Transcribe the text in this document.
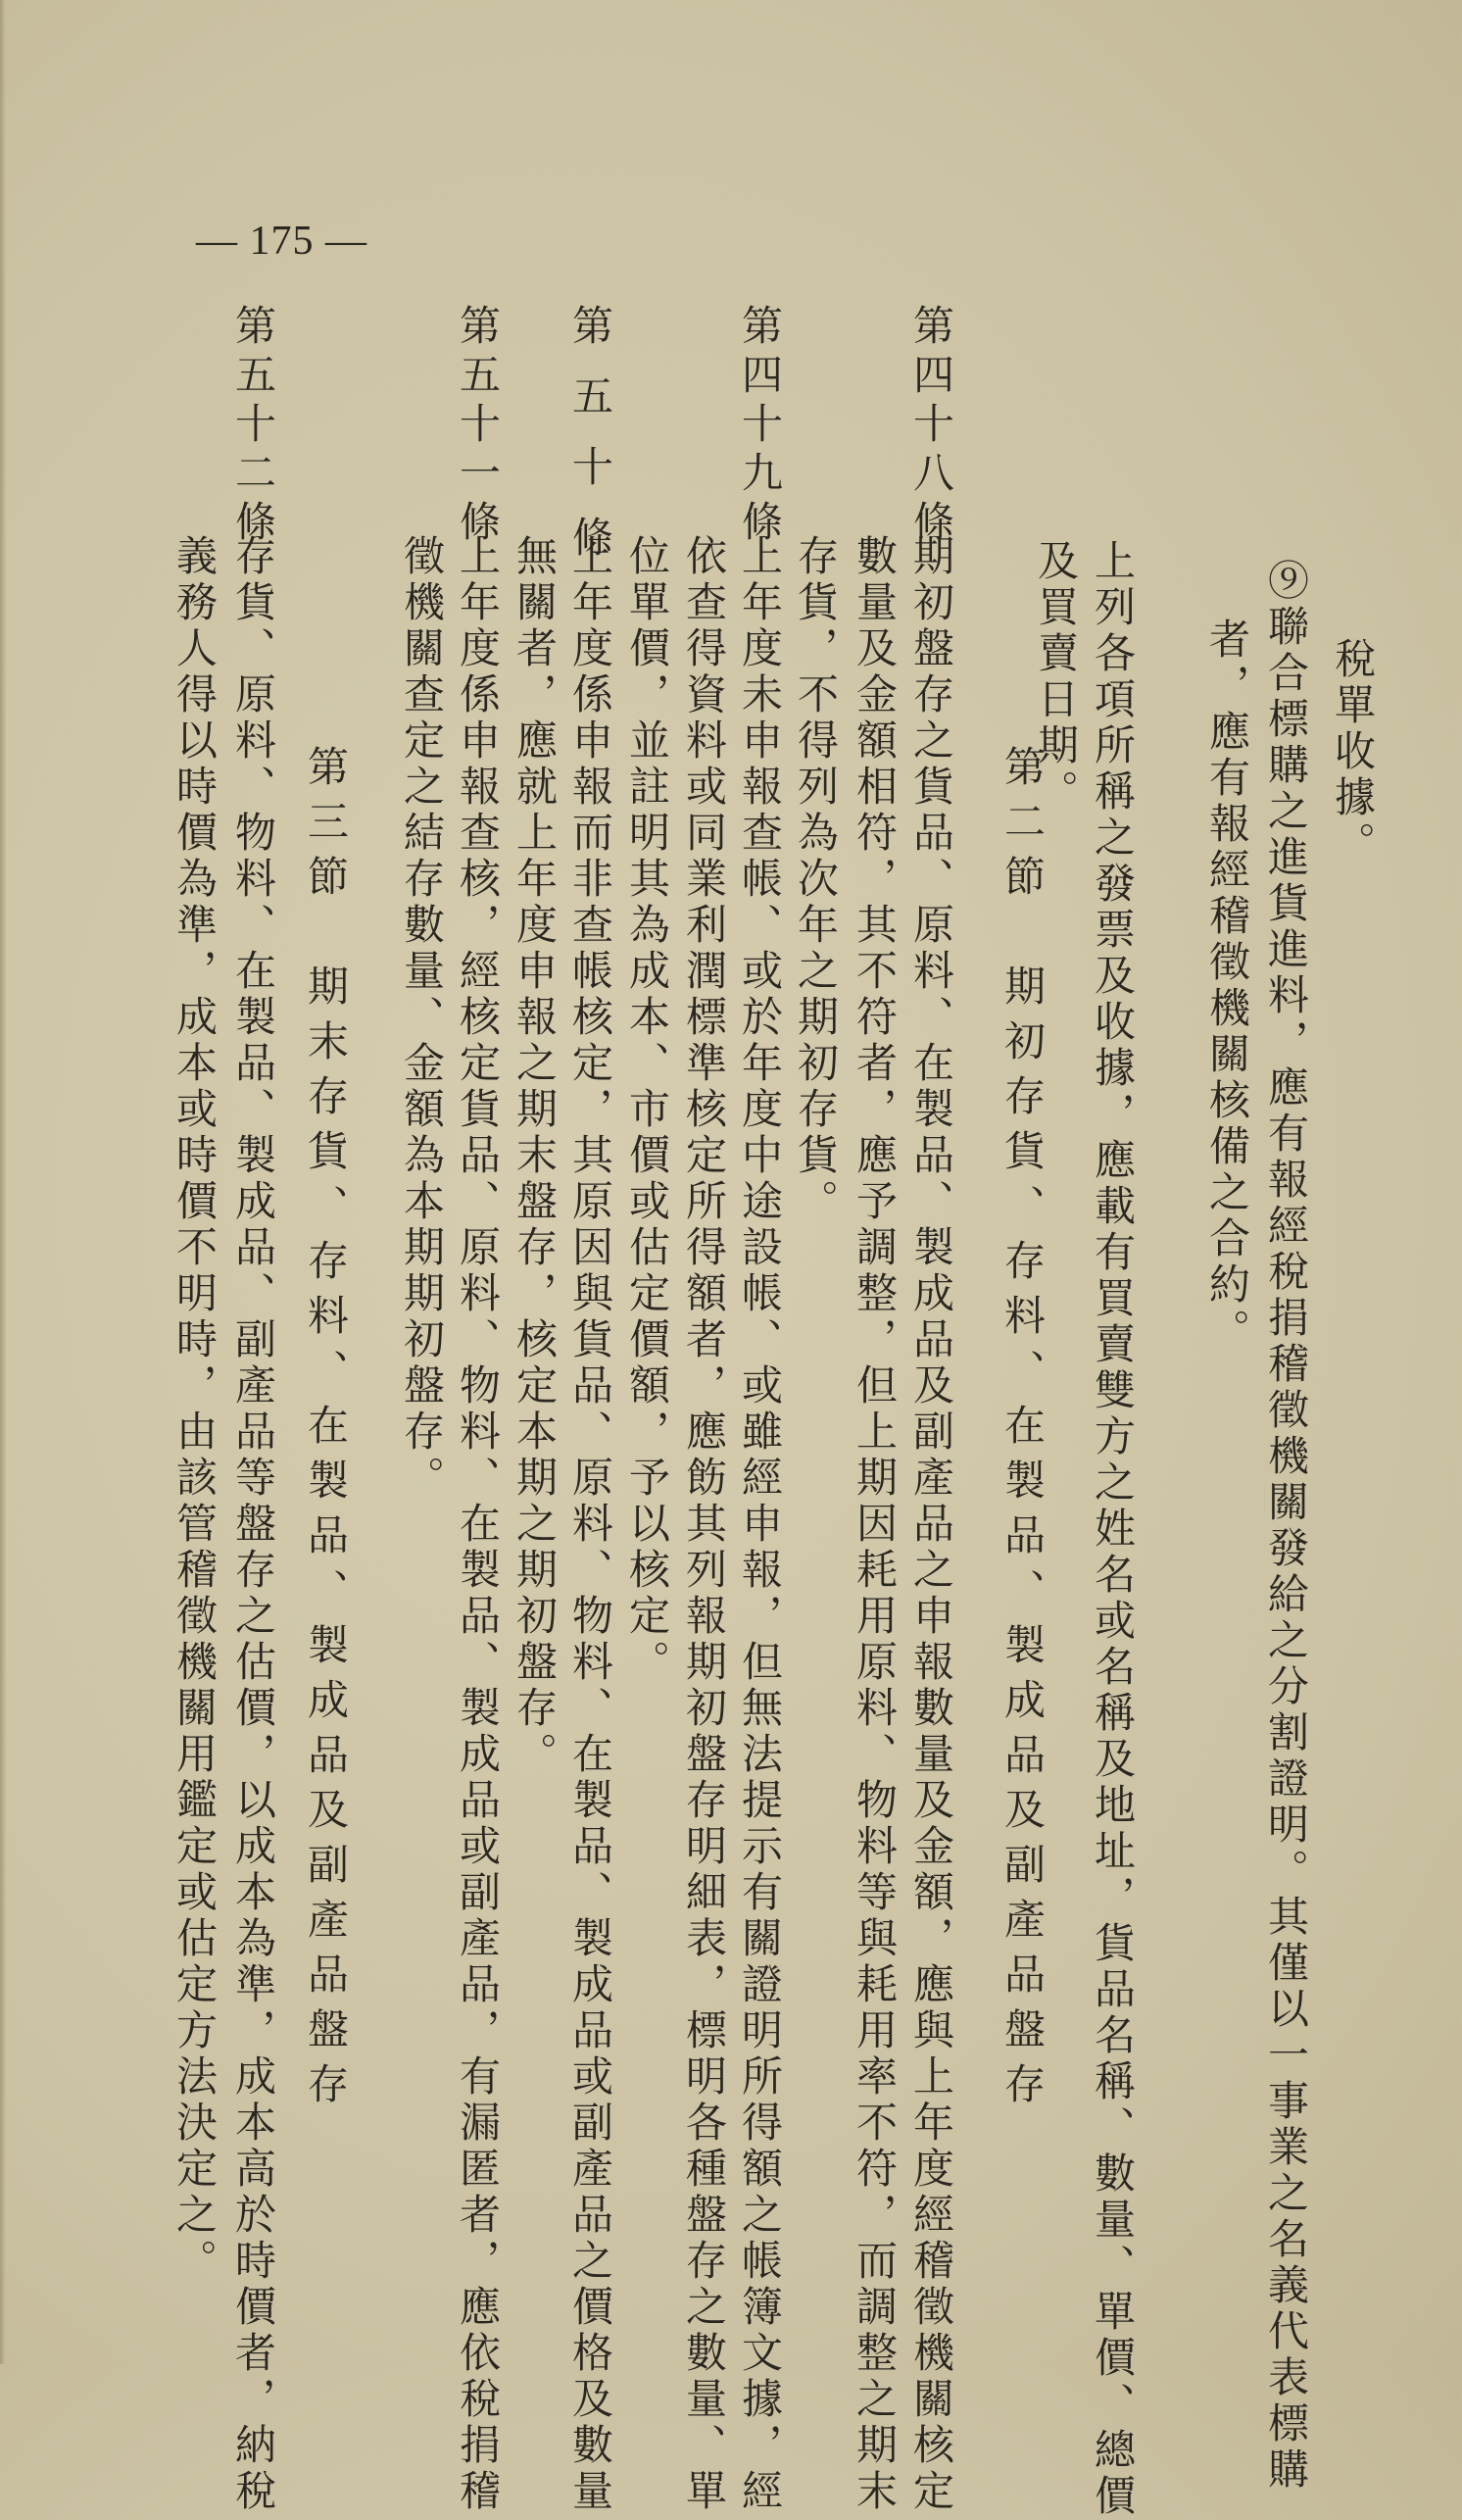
— 175 —
稅單收據。
⑨聯合標購之進貨進料，應有報經稅捐稽徵機關發給之分割證明。其僅以一事業之名義代表標購
者，應有報經稽徵機關核備之合約。
上列各項所稱之發票及收據，應載有買賣雙方之姓名或名稱及地址，貨品名稱、數量、單價、總價
及買賣日期。
第二節　期初存貨、存料、在製品、製成品及副產品盤存
第四十八條
期初盤存之貨品、原料、在製品、製成品及副產品之申報數量及金額，應與上年度經稽徵機關核定
數量及金額相符，其不符者，應予調整，但上期因耗用原料、物料等與耗用率不符，而調整之期末
存貨，不得列為次年之期初存貨。
第四十九條
上年度未申報查帳、或於年度中途設帳、或雖經申報，但無法提示有關證明所得額之帳簿文據，經
依查得資料或同業利潤標準核定所得額者，應飭其列報期初盤存明細表，標明各種盤存之數量、單
位單價，並註明其為成本、市價或估定價額，予以核定。
第五十條
上年度係申報而非查帳核定，其原因與貨品、原料、物料、在製品、製成品或副產品之價格及數量
無關者，應就上年度申報之期末盤存，核定本期之期初盤存。
第五十一條
上年度係申報查核，經核定貨品、原料、物料、在製品、製成品或副產品，有漏匿者，應依稅捐稽
徵機關查定之結存數量、金額為本期期初盤存。
第三節　期末存貨、存料、在製品、製成品及副產品盤存
第五十二條
存貨、原料、物料、在製品、製成品、副產品等盤存之估價，以成本為準，成本高於時價者，納稅
義務人得以時價為準，成本或時價不明時，由該管稽徵機關用鑑定或估定方法決定之。
